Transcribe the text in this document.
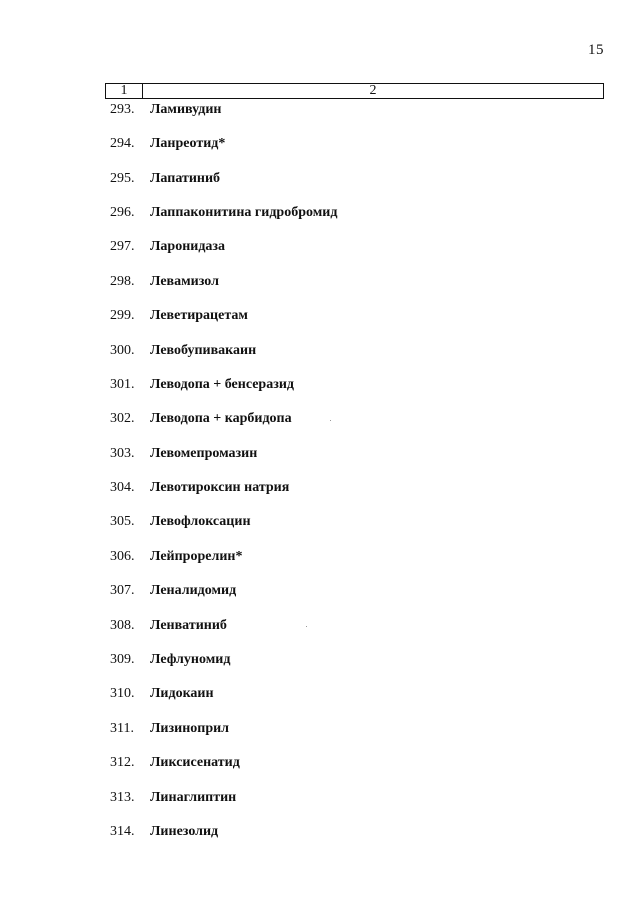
15
1	2
293. Ламивудин
294. Ланреотид*
295. Лапатиниб
296. Лаппаконитина гидробромид
297. Ларонидаза
298. Левамизол
299. Леветирацетам
300. Левобупивакаин
301. Леводопа + бенсеразид
302. Леводопа + карбидопа
303. Левомепромазин
304. Левотироксин натрия
305. Левофлоксацин
306. Лейпрорелин*
307. Леналидомид
308. Ленватиниб
309. Лефлуномид
310. Лидокаин
311. Лизиноприл
312. Ликсисенатид
313. Линаглиптин
314. Линезолид
